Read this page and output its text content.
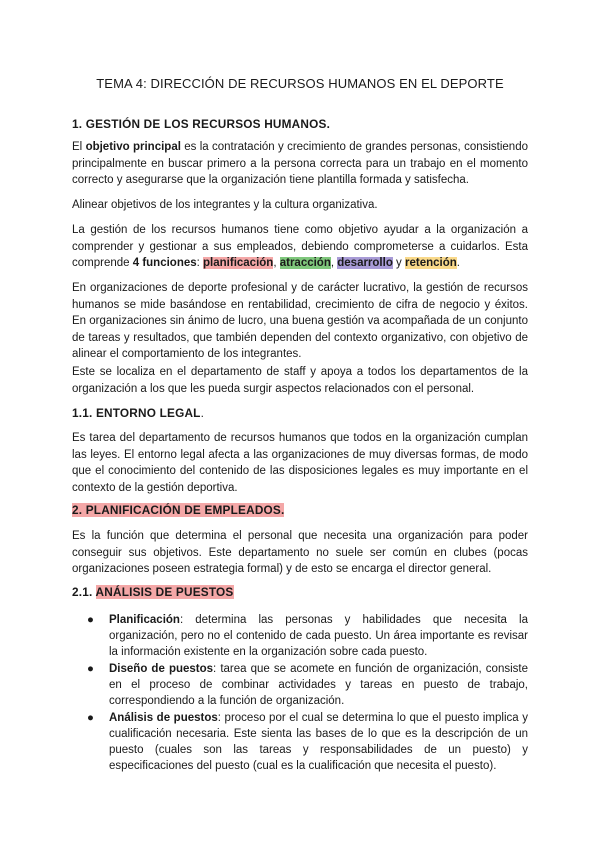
TEMA 4: DIRECCIÓN DE RECURSOS HUMANOS EN EL DEPORTE
1. GESTIÓN DE LOS RECURSOS HUMANOS.

El objetivo principal es la contratación y crecimiento de grandes personas, consistiendo principalmente en buscar primero a la persona correcta para un trabajo en el momento correcto y asegurarse que la organización tiene plantilla formada y satisfecha.

Alinear objetivos de los integrantes y la cultura organizativa.

La gestión de los recursos humanos tiene como objetivo ayudar a la organización a comprender y gestionar a sus empleados, debiendo comprometerse a cuidarlos. Esta comprende 4 funciones: planificación, atracción, desarrollo y retención.

En organizaciones de deporte profesional y de carácter lucrativo, la gestión de recursos humanos se mide basándose en rentabilidad, crecimiento de cifra de negocio y éxitos. En organizaciones sin ánimo de lucro, una buena gestión va acompañada de un conjunto de tareas y resultados, que también dependen del contexto organizativo, con objetivo de alinear el comportamiento de los integrantes.

Este se localiza en el departamento de staff y apoya a todos los departamentos de la organización a los que les pueda surgir aspectos relacionados con el personal.

1.1. ENTORNO LEGAL.

Es tarea del departamento de recursos humanos que todos en la organización cumplan las leyes. El entorno legal afecta a las organizaciones de muy diversas formas, de modo que el conocimiento del contenido de las disposiciones legales es muy importante en el contexto de la gestión deportiva.

2. PLANIFICACIÓN DE EMPLEADOS.

Es la función que determina el personal que necesita una organización para poder conseguir sus objetivos. Este departamento no suele ser común en clubes (pocas organizaciones poseen estrategia formal) y de esto se encarga el director general.

2.1. ANÁLISIS DE PUESTOS
● Planificación: determina las personas y habilidades que necesita la organización, pero no el contenido de cada puesto. Un área importante es revisar la información existente en la organización sobre cada puesto.
● Diseño de puestos: tarea que se acomete en función de organización, consiste en el proceso de combinar actividades y tareas en puesto de trabajo, correspondiendo a la función de organización.
● Análisis de puestos: proceso por el cual se determina lo que el puesto implica y cualificación necesaria. Este sienta las bases de lo que es la descripción de un puesto (cuales son las tareas y responsabilidades de un puesto) y especificaciones del puesto (cual es la cualificación que necesita el puesto).
